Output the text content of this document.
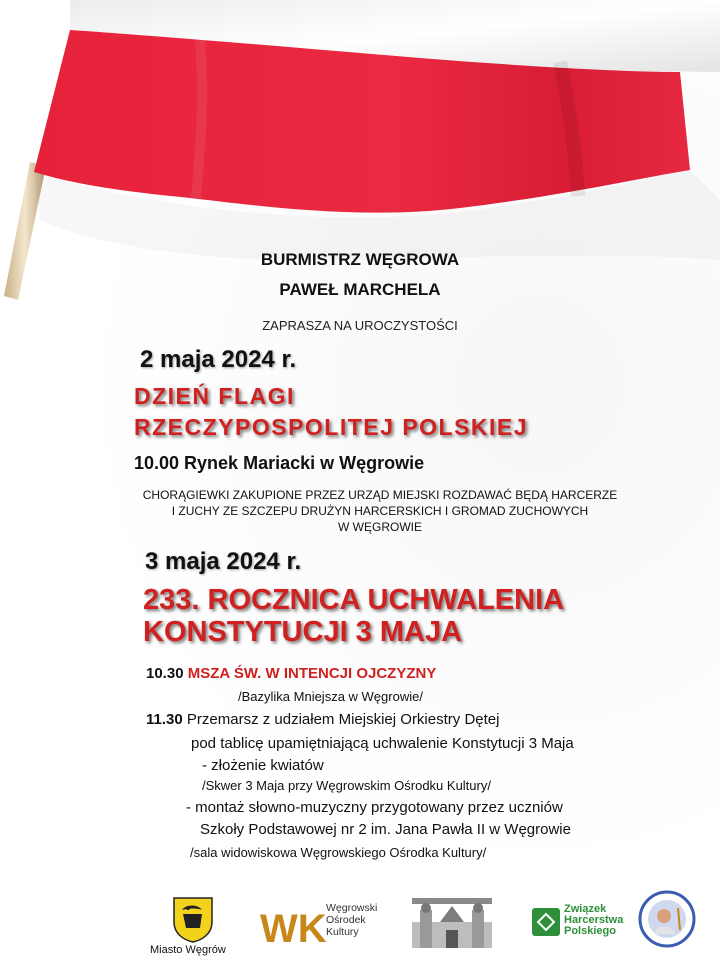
BURMISTRZ WĘGROWA
PAWEŁ MARCHELA
ZAPRASZA NA UROCZYSTOŚCI
2 maja 2024 r.
DZIEŃ FLAGI
RZECZYPOSPOLITEJ POLSKIEJ
10.00 Rynek Mariacki w Węgrowie
CHORĄGIEWKI ZAKUPIONE PRZEZ URZĄD MIEJSKI ROZDAWAĆ BĘDĄ HARCERZE
I ZUCHY ZE SZCZEPU DRUŻYN HARCERSKICH I GROMAD ZUCHOWYCH
W WĘGROWIE
3 maja 2024 r.
233. ROCZNICA UCHWALENIA
KONSTYTUCJI 3 MAJA
10.30 MSZA ŚW. W INTENCJI OJCZYZNY
/Bazylika Mniejsza w Węgrowie/
11.30 Przemarsz z udziałem Miejskiej Orkiestry Dętej
pod tablicę upamiętniającą uchwalenie Konstytucji 3 Maja
- złożenie kwiatów
/Skwer 3 Maja przy Węgrowskim Ośrodku Kultury/
- montaż słowno-muzyczny przygotowany przez uczniów
Szkoły Podstawowej nr 2 im. Jana Pawła II w Węgrowie
/sala widowiskowa Węgrowskiego Ośrodka Kultury/
Miasto Węgrów WK Węgrowski
Ośrodek
Kultury
Związek
Harcerstwa
Polskiego
